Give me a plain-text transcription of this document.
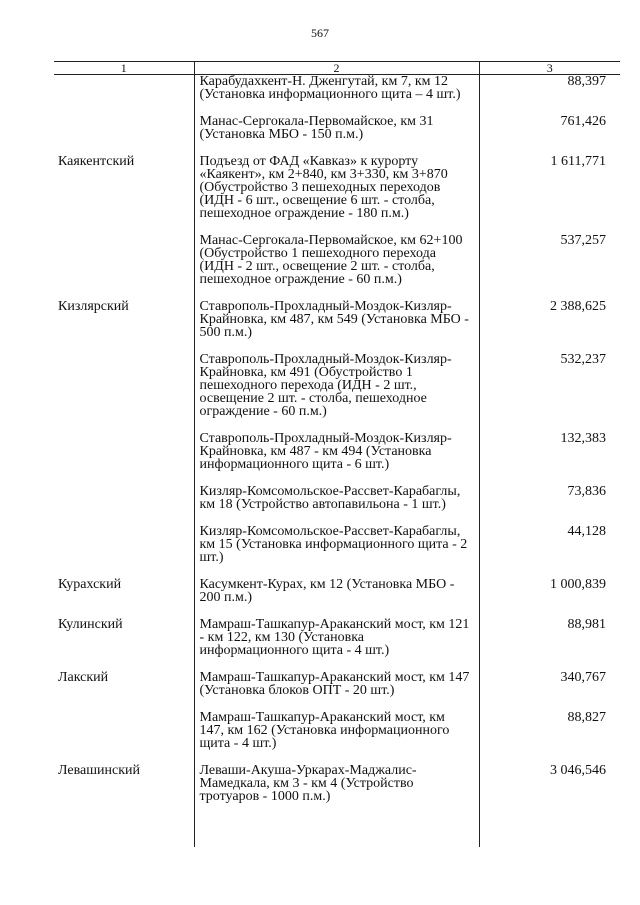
567
1	2	3
	Карабудахкент-Н. Дженгутай, км 7, км 12 (Установка информационного щита – 4 шт.)	88,397
	Манас-Сергокала-Первомайское, км 31 (Установка МБО - 150 п.м.)	761,426
Каякентский	Подъезд от ФАД «Кавказ» к курорту «Каякент», км 2+840, км 3+330, км 3+870 (Обустройство 3 пешеходных переходов (ИДН - 6 шт., освещение 6 шт. - столба, пешеходное ограждение - 180 п.м.)	1 611,771
	Манас-Сергокала-Первомайское, км 62+100 (Обустройство 1 пешеходного перехода (ИДН - 2 шт., освещение 2 шт. - столба, пешеходное ограждение - 60 п.м.)	537,257
Кизлярский	Ставрополь-Прохладный-Моздок-Кизляр-Крайновка, км 487, км 549 (Установка МБО - 500 п.м.)	2 388,625
	Ставрополь-Прохладный-Моздок-Кизляр-Крайновка, км 491 (Обустройство 1 пешеходного перехода (ИДН - 2 шт., освещение 2 шт. - столба, пешеходное ограждение - 60 п.м.)	532,237
	Ставрополь-Прохладный-Моздок-Кизляр-Крайновка, км 487 - км 494 (Установка информационного щита - 6 шт.)	132,383
	Кизляр-Комсомольское-Рассвет-Карабаглы, км 18 (Устройство автопавильона - 1 шт.)	73,836
	Кизляр-Комсомольское-Рассвет-Карабаглы, км 15 (Установка информационного щита - 2 шт.)	44,128
Курахский	Касумкент-Курах, км 12 (Установка МБО - 200 п.м.)	1 000,839
Кулинский	Мамраш-Ташкапур-Араканский мост, км 121 - км 122, км 130 (Установка информационного щита - 4 шт.)	88,981
Лакский	Мамраш-Ташкапур-Араканский мост, км 147 (Установка блоков ОПТ - 20 шт.)	340,767
	Мамраш-Ташкапур-Араканский мост, км 147, км 162 (Установка информационного щита - 4 шт.)	88,827
Левашинский	Леваши-Акуша-Уркарах-Маджалис-Мамедкала, км 3 - км 4 (Устройство тротуаров - 1000 п.м.)	3 046,546
